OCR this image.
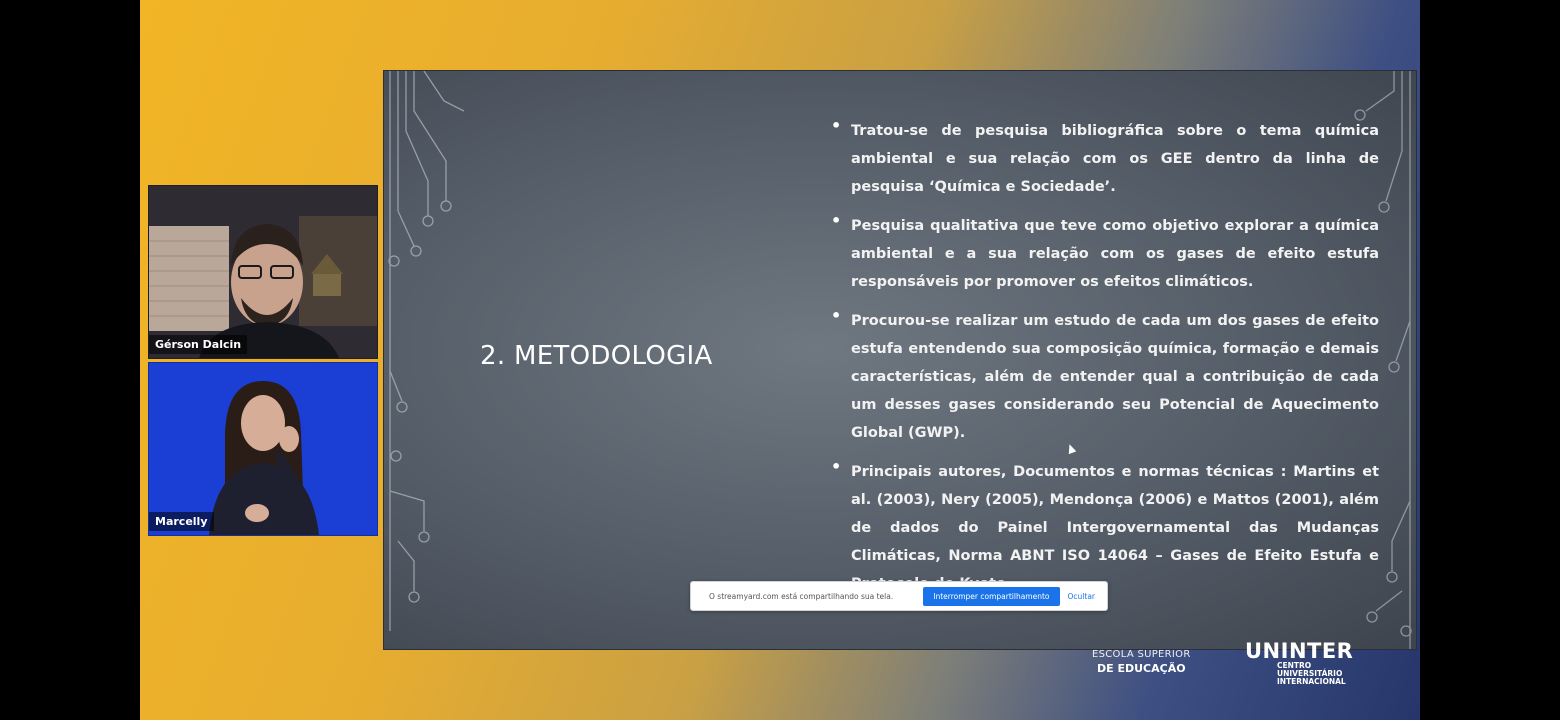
Gérson Dalcin
Marcelly
2. METODOLOGIA
• Tratou-se de pesquisa bibliográfica sobre o tema química ambiental e sua relação com os GEE dentro da linha de pesquisa ‘Química e Sociedade’.
• Pesquisa qualitativa que teve como objetivo explorar a química ambiental e a sua relação com os gases de efeito estufa responsáveis por promover os efeitos climáticos.
• Procurou-se realizar um estudo de cada um dos gases de efeito estufa entendendo sua composição química, formação e demais características, além de entender qual a contribuição de cada um desses gases considerando seu Potencial de Aquecimento Global (GWP).
• Principais autores, Documentos e normas técnicas : Martins et al. (2003), Nery (2005), Mendonça (2006) e Mattos (2001), além de dados do Painel Intergovernamental das Mudanças Climáticas, Norma ABNT ISO 14064 – Gases de Efeito Estufa e
O streamyard.com está compartilhando sua tela.	Interromper compartilhamento	Ocultar
ESCOLA SUPERIOR
DE EDUCAÇÃO
UNINTER
CENTRO
UNIVERSITÁRIO
INTERNACIONAL
